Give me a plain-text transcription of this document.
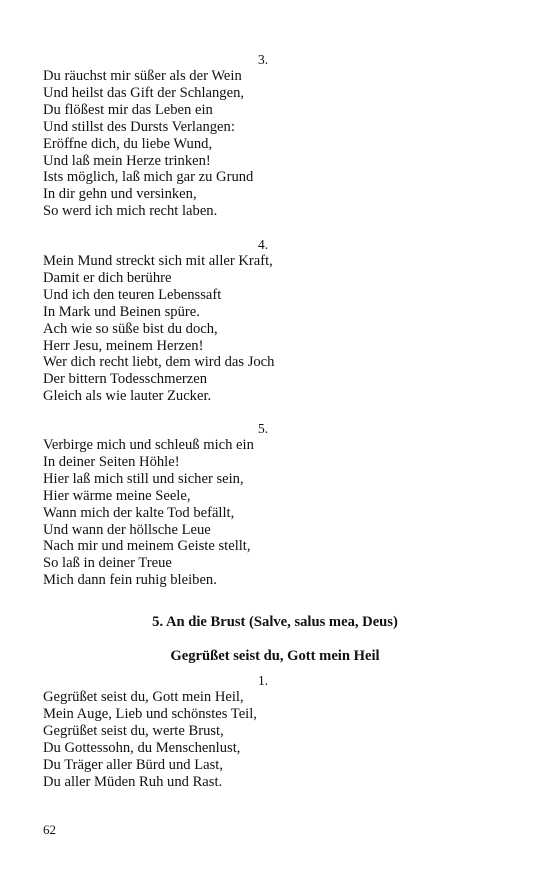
3.
Du räuchst mir süßer als der Wein
Und heilst das Gift der Schlangen,
Du flößest mir das Leben ein
Und stillst des Dursts Verlangen:
Eröffne dich, du liebe Wund,
Und laß mein Herze trinken!
Ists möglich, laß mich gar zu Grund
In dir gehn und versinken,
So werd ich mich recht laben.
4.
Mein Mund streckt sich mit aller Kraft,
Damit er dich berühre
Und ich den teuren Lebenssaft
In Mark und Beinen spüre.
Ach wie so süße bist du doch,
Herr Jesu, meinem Herzen!
Wer dich recht liebt, dem wird das Joch
Der bittern Todesschmerzen
Gleich als wie lauter Zucker.
5.
Verbirge mich und schleuß mich ein
In deiner Seiten Höhle!
Hier laß mich still und sicher sein,
Hier wärme meine Seele,
Wann mich der kalte Tod befällt,
Und wann der höllsche Leue
Nach mir und meinem Geiste stellt,
So laß in deiner Treue
Mich dann fein ruhig bleiben.
5. An die Brust (Salve, salus mea, Deus)
Gegrüßet seist du, Gott mein Heil
1.
Gegrüßet seist du, Gott mein Heil,
Mein Auge, Lieb und schönstes Teil,
Gegrüßet seist du, werte Brust,
Du Gottessohn, du Menschenlust,
Du Träger aller Bürd und Last,
Du aller Müden Ruh und Rast.
62
